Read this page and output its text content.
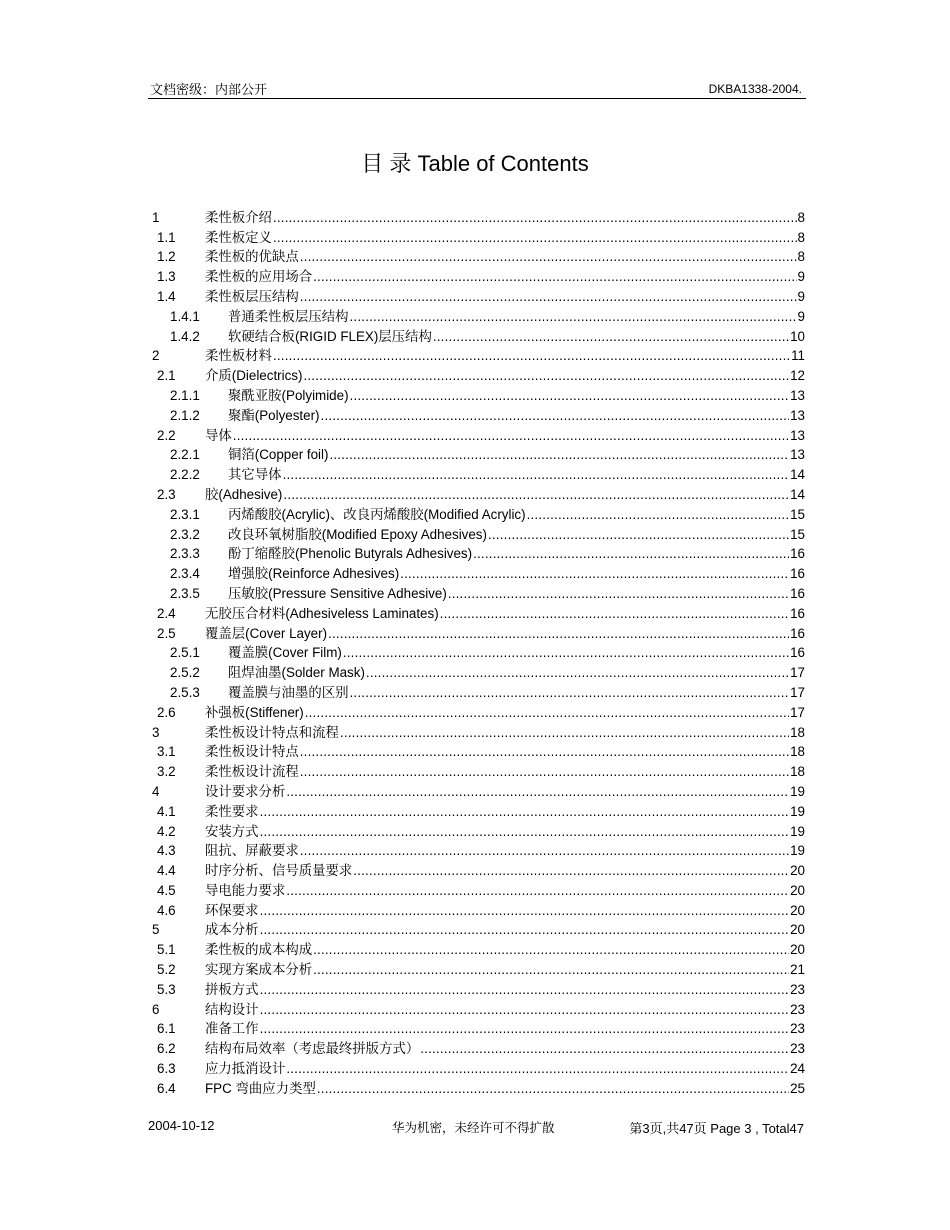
文档密级：内部公开	DKBA1338-2004.
目 录 Table of Contents
1	柔性板介绍 .....	8
1.1	柔性板定义 .....	8
1.2	柔性板的优缺点 .....	8
1.3	柔性板的应用场合 .....	9
1.4	柔性板层压结构 .....	9
1.4.1	普通柔性板层压结构 .....	9
1.4.2	软硬结合板(RIGID FLEX)层压结构 .....	10
2	柔性板材料 .....	11
2.1	介质(Dielectrics) .....	12
2.1.1	聚酰亚胺(Polyimide) .....	13
2.1.2	聚酯(Polyester) .....	13
2.2	导体 .....	13
2.2.1	铜箔(Copper foil) .....	13
2.2.2	其它导体 .....	14
2.3	胶(Adhesive) .....	14
2.3.1	丙烯酸胶(Acrylic)、改良丙烯酸胶(Modified Acrylic) .....	15
2.3.2	改良环氧树脂胶(Modified Epoxy Adhesives) .....	15
2.3.3	酚丁缩醛胶(Phenolic Butyrals Adhesives) .....	16
2.3.4	增强胶(Reinforce Adhesives) .....	16
2.3.5	压敏胶(Pressure Sensitive Adhesive) .....	16
2.4	无胶压合材料(Adhesiveless Laminates) .....	16
2.5	覆盖层(Cover Layer) .....	16
2.5.1	覆盖膜(Cover Film) .....	16
2.5.2	阻焊油墨(Solder Mask) .....	17
2.5.3	覆盖膜与油墨的区别 .....	17
2.6	补强板(Stiffener) .....	17
3	柔性板设计特点和流程 .....	18
3.1	柔性板设计特点 .....	18
3.2	柔性板设计流程 .....	18
4	设计要求分析 .....	19
4.1	柔性要求 .....	19
4.2	安装方式 .....	19
4.3	阻抗、屏蔽要求 .....	19
4.4	时序分析、信号质量要求 .....	20
4.5	导电能力要求 .....	20
4.6	环保要求 .....	20
5	成本分析 .....	20
5.1	柔性板的成本构成 .....	20
5.2	实现方案成本分析 .....	21
5.3	拼板方式 .....	23
6	结构设计 .....	23
6.1	准备工作 .....	23
6.2	结构布局效率（考虑最终拼版方式） .....	23
6.3	应力抵消设计 .....	24
6.4	FPC 弯曲应力类型 .....	25
2004-10-12	华为机密，未经许可不得扩散	第3页,共47页 Page 3 , Total47
